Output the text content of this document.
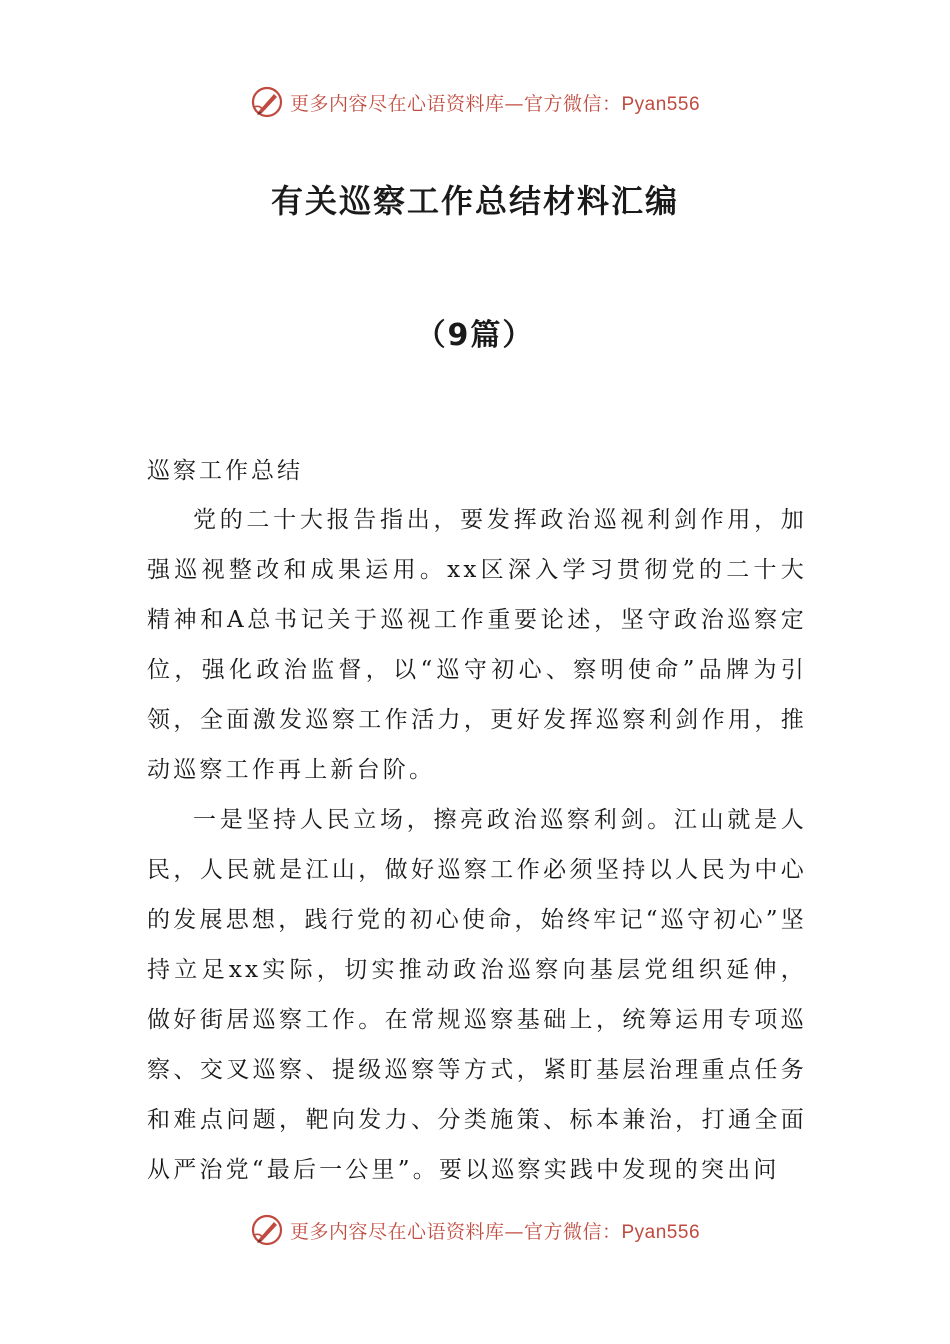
更多内容尽在心语资料库—官方微信：Pyan556
有关巡察工作总结材料汇编
（9篇）
巡察工作总结

党的二十大报告指出，要发挥政治巡视利剑作用，加强巡视整改和成果运用。xx区深入学习贯彻党的二十大精神和A总书记关于巡视工作重要论述，坚守政治巡察定位，强化政治监督，以“巡守初心、察明使命”品牌为引领，全面激发巡察工作活力，更好发挥巡察利剑作用，推动巡察工作再上新台阶。

一是坚持人民立场，擦亮政治巡察利剑。江山就是人民，人民就是江山，做好巡察工作必须坚持以人民为中心的发展思想，践行党的初心使命，始终牢记“巡守初心”坚持立足xx实际，切实推动政治巡察向基层党组织延伸，做好街居巡察工作。在常规巡察基础上，统筹运用专项巡察、交叉巡察、提级巡察等方式，紧盯基层治理重点任务和难点问题，靶向发力、分类施策、标本兼治，打通全面从严治党“最后一公里”。要以巡察实践中发现的突出问

更多内容尽在心语资料库—官方微信：Pyan556
